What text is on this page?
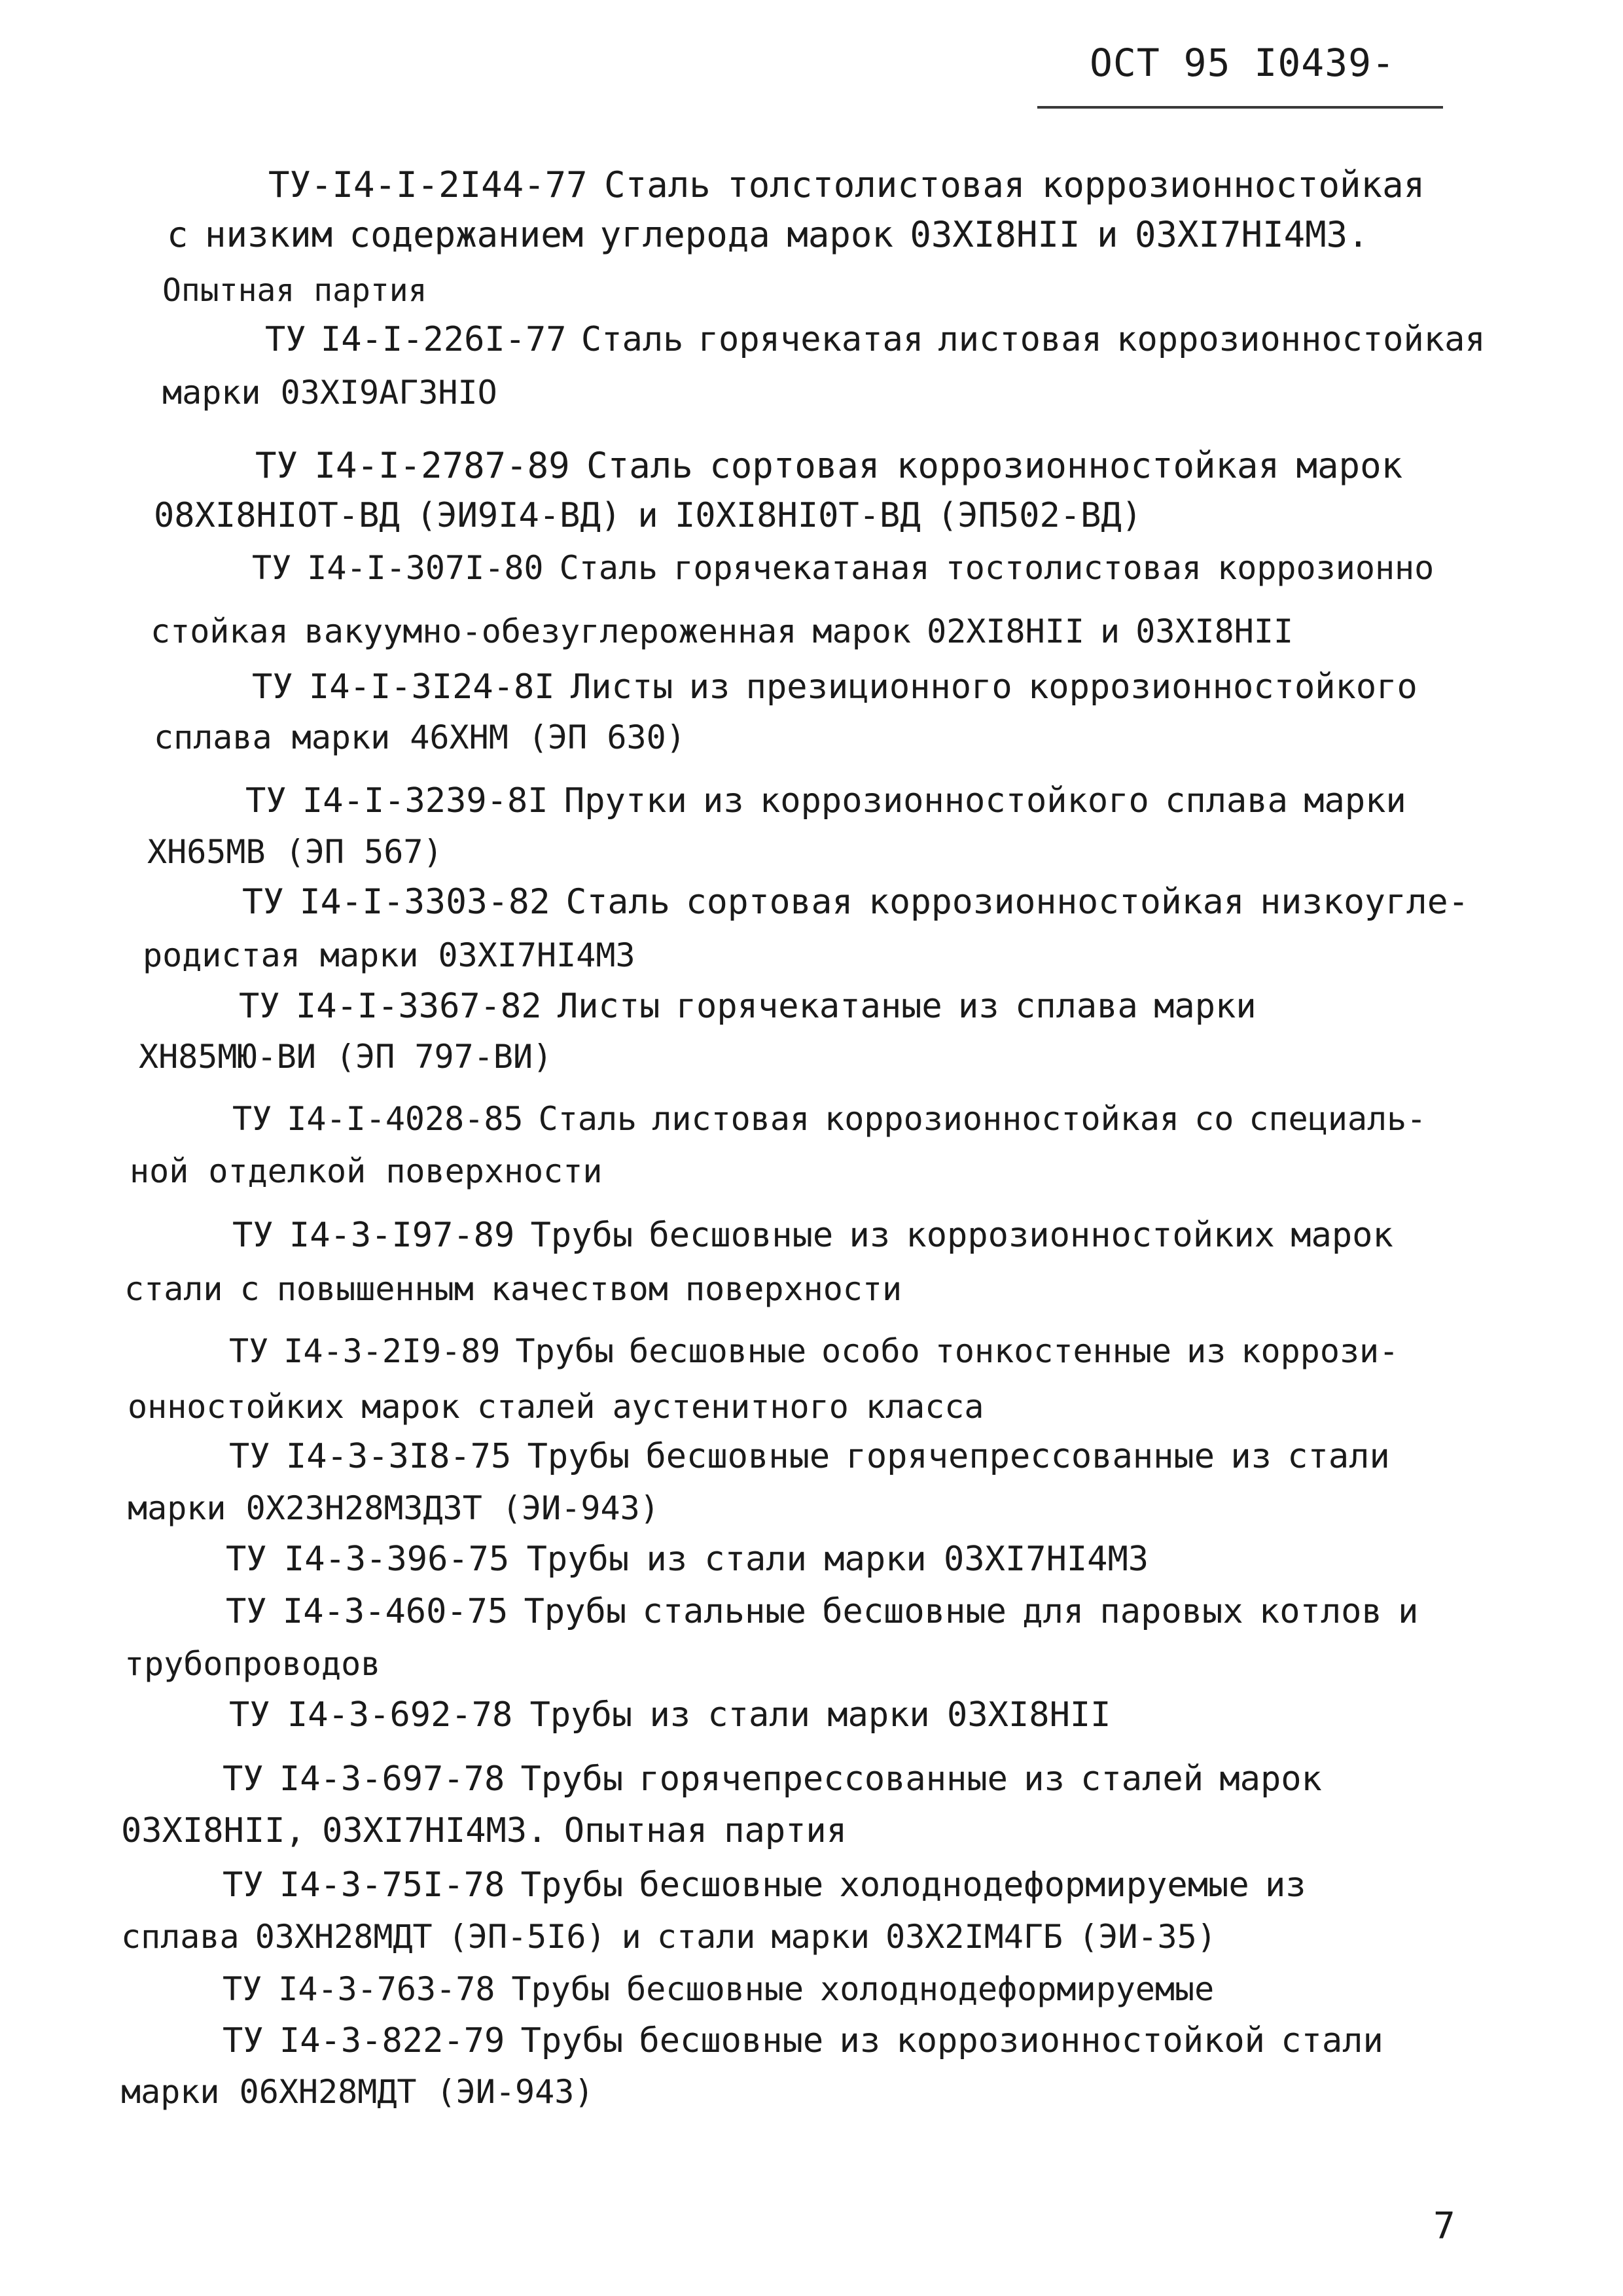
ОСТ 95 I0439-
ТУ-I4-I-2I44-77 Сталь толстолистовая коррозионностойкая
с низким содержанием углерода марок 03XI8HII и 03XI7HI4M3.
Опытная партия
ТУ I4-I-226I-77 Сталь горячекатая листовая коррозионностойкая
марки 03XI9AГ3HIO
ТУ I4-I-2787-89 Сталь сортовая коррозионностойкая марок
08XI8HIOT-ВД (ЭИ9I4-ВД) и I0XI8HI0T-ВД (ЭП502-ВД)
ТУ I4-I-307I-80 Сталь горячекатаная тостолистовая коррозионно
стойкая вакуумно-обезуглероженная марок 02XI8HII и 03XI8HII
ТУ I4-I-3I24-8I Листы из презиционного коррозионностойкого
сплава марки 46XHM (ЭП 630)
ТУ I4-I-3239-8I Прутки из коррозионностойкого сплава марки
XH65MB (ЭП 567)
ТУ I4-I-3303-82 Сталь сортовая коррозионностойкая низкоугле-
родистая марки 03XI7HI4M3
ТУ I4-I-3367-82 Листы горячекатаные из сплава марки
XH85MЮ-ВИ (ЭП 797-ВИ)
ТУ I4-I-4028-85 Сталь листовая коррозионностойкая со специаль-
ной отделкой поверхности
ТУ I4-3-I97-89 Трубы бесшовные из коррозионностойких марок
стали с повышенным качеством поверхности
ТУ I4-3-2I9-89 Трубы бесшовные особо тонкостенные из коррози-
онностойких марок сталей аустенитного класса
ТУ I4-3-3I8-75 Трубы бесшовные горячепрессованные из стали
марки 0X23H28M3Д3T (ЭИ-943)
ТУ I4-3-396-75 Трубы из стали марки 03XI7HI4M3
ТУ I4-3-460-75 Трубы стальные бесшовные для паровых котлов и
трубопроводов
ТУ I4-3-692-78 Трубы из стали марки 03XI8HII
ТУ I4-3-697-78 Трубы горячепрессованные из сталей марок
03XI8HII, 03XI7HI4M3. Опытная партия
ТУ I4-3-75I-78 Трубы бесшовные холоднодеформируемые из
сплава 03XH28MДT (ЭП-5I6) и стали марки 03X2IM4ГБ (ЭИ-35)
ТУ I4-3-763-78 Трубы бесшовные холоднодеформируемые
ТУ I4-3-822-79 Трубы бесшовные из коррозионностойкой стали
марки 06XH28MДT (ЭИ-943)
7
